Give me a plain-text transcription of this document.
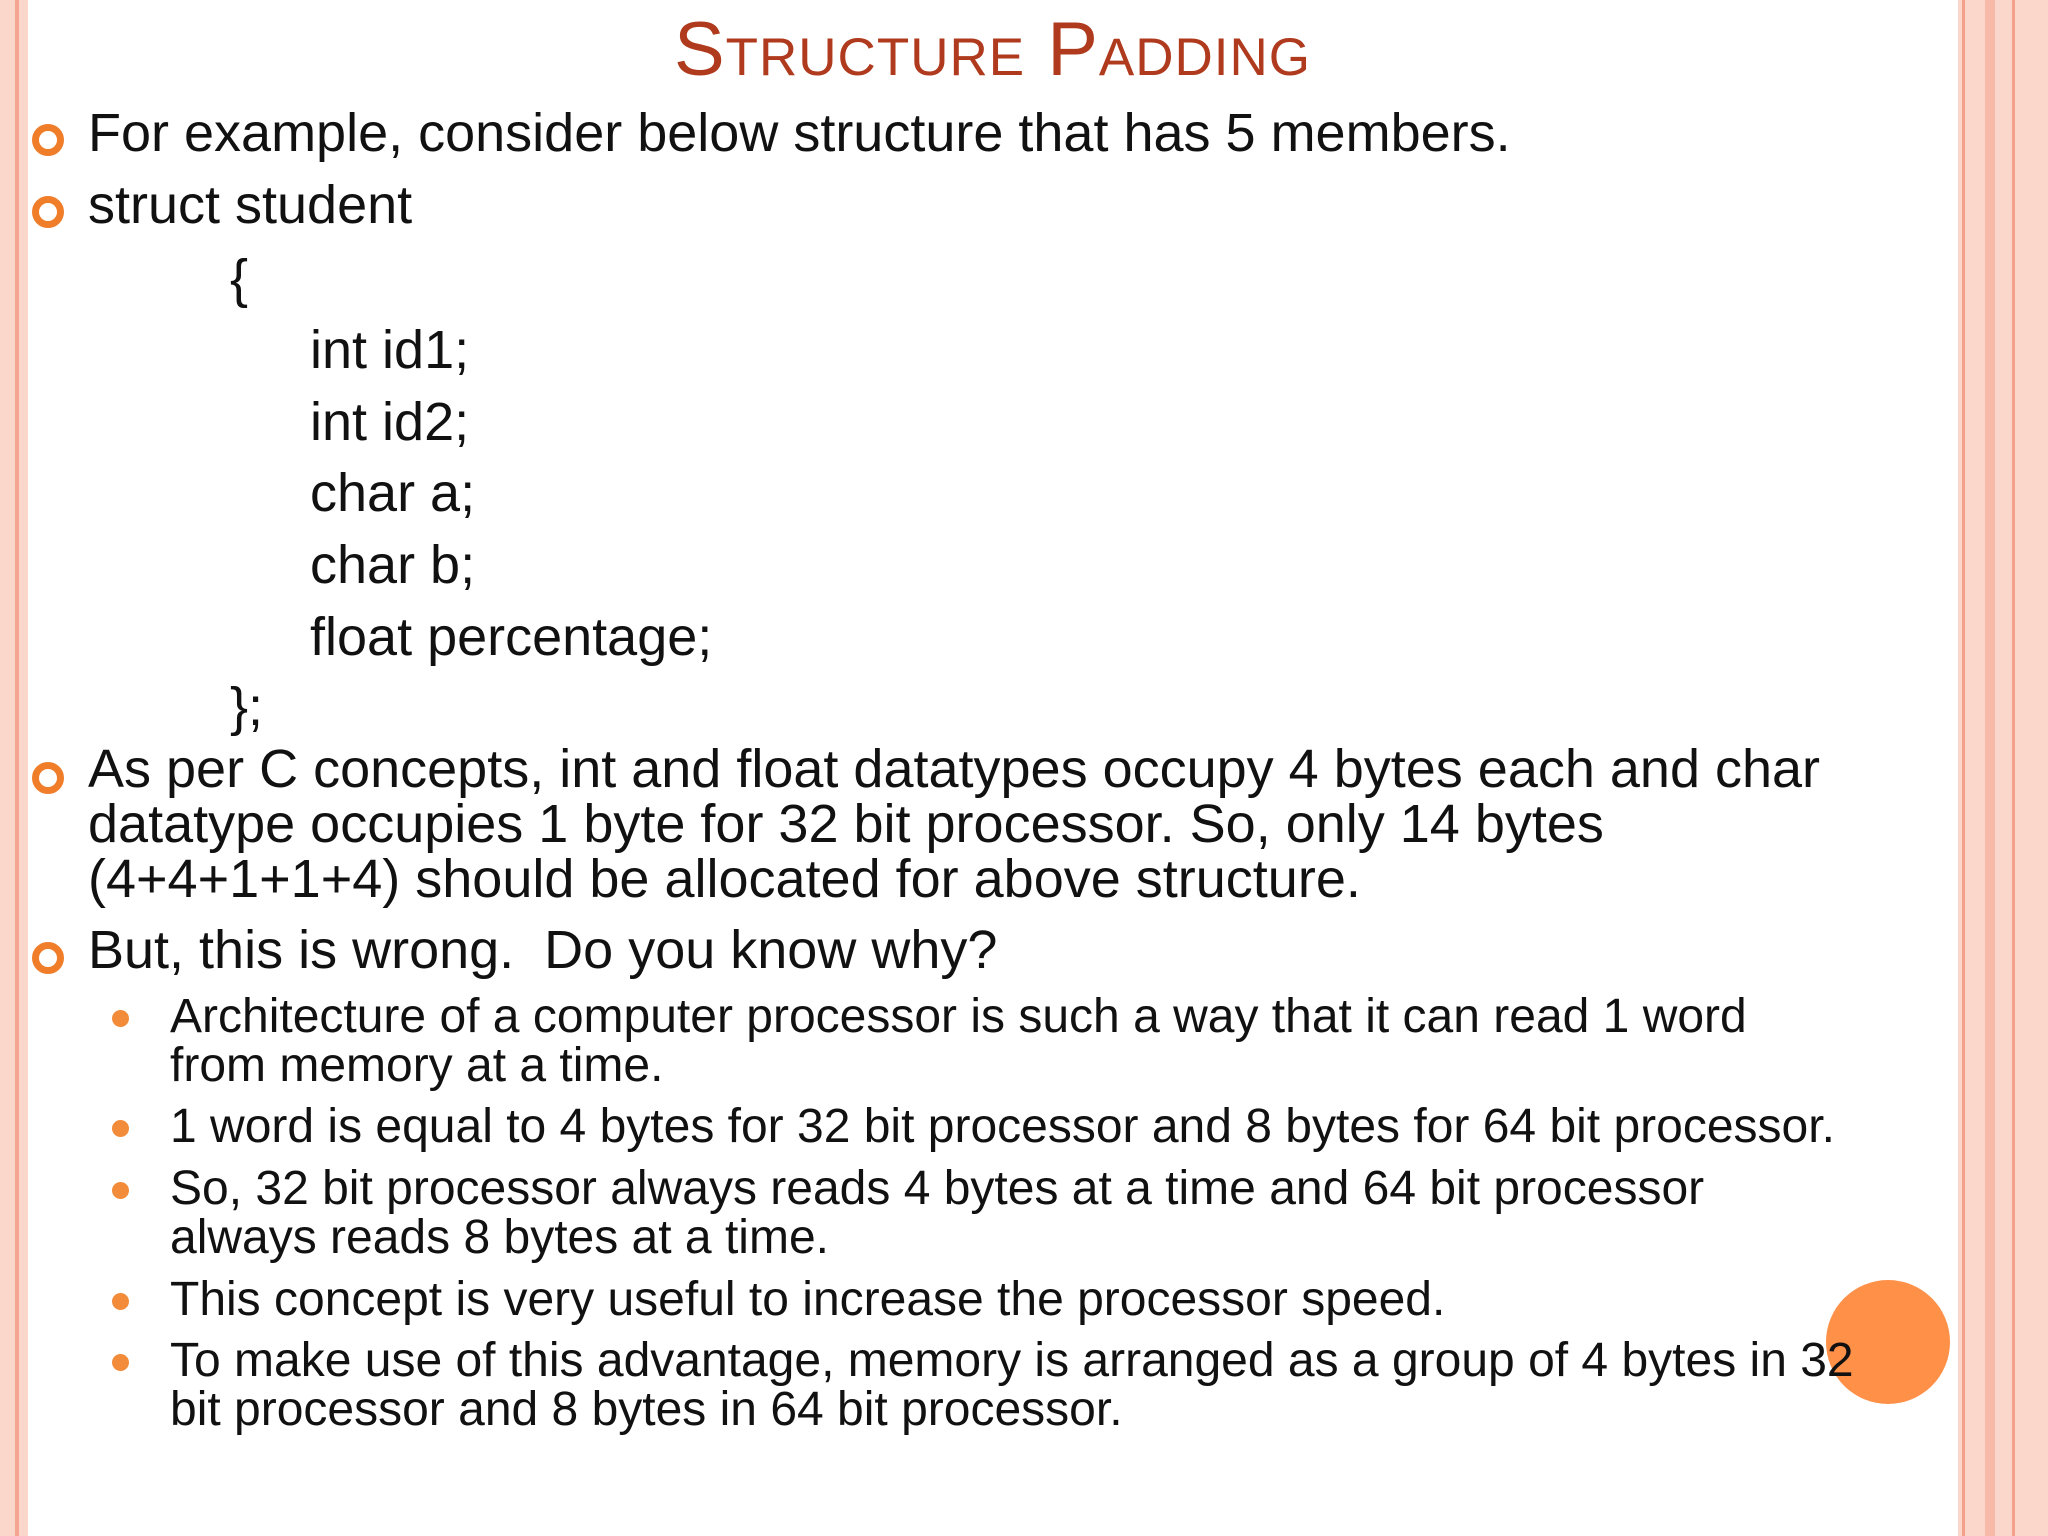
Structure Padding
For example, consider below structure that has 5 members.
struct student
{
int id1;
int id2;
char a;
char b;
float percentage;
};
As per C concepts, int and float datatypes occupy 4 bytes each and char
datatype occupies 1 byte for 32 bit processor. So, only 14 bytes
(4+4+1+1+4) should be allocated for above structure.
But, this is wrong.  Do you know why?
Architecture of a computer processor is such a way that it can read 1 word
from memory at a time.
1 word is equal to 4 bytes for 32 bit processor and 8 bytes for 64 bit processor.
So, 32 bit processor always reads 4 bytes at a time and 64 bit processor
always reads 8 bytes at a time.
This concept is very useful to increase the processor speed.
To make use of this advantage, memory is arranged as a group of 4 bytes in 32
bit processor and 8 bytes in 64 bit processor.
